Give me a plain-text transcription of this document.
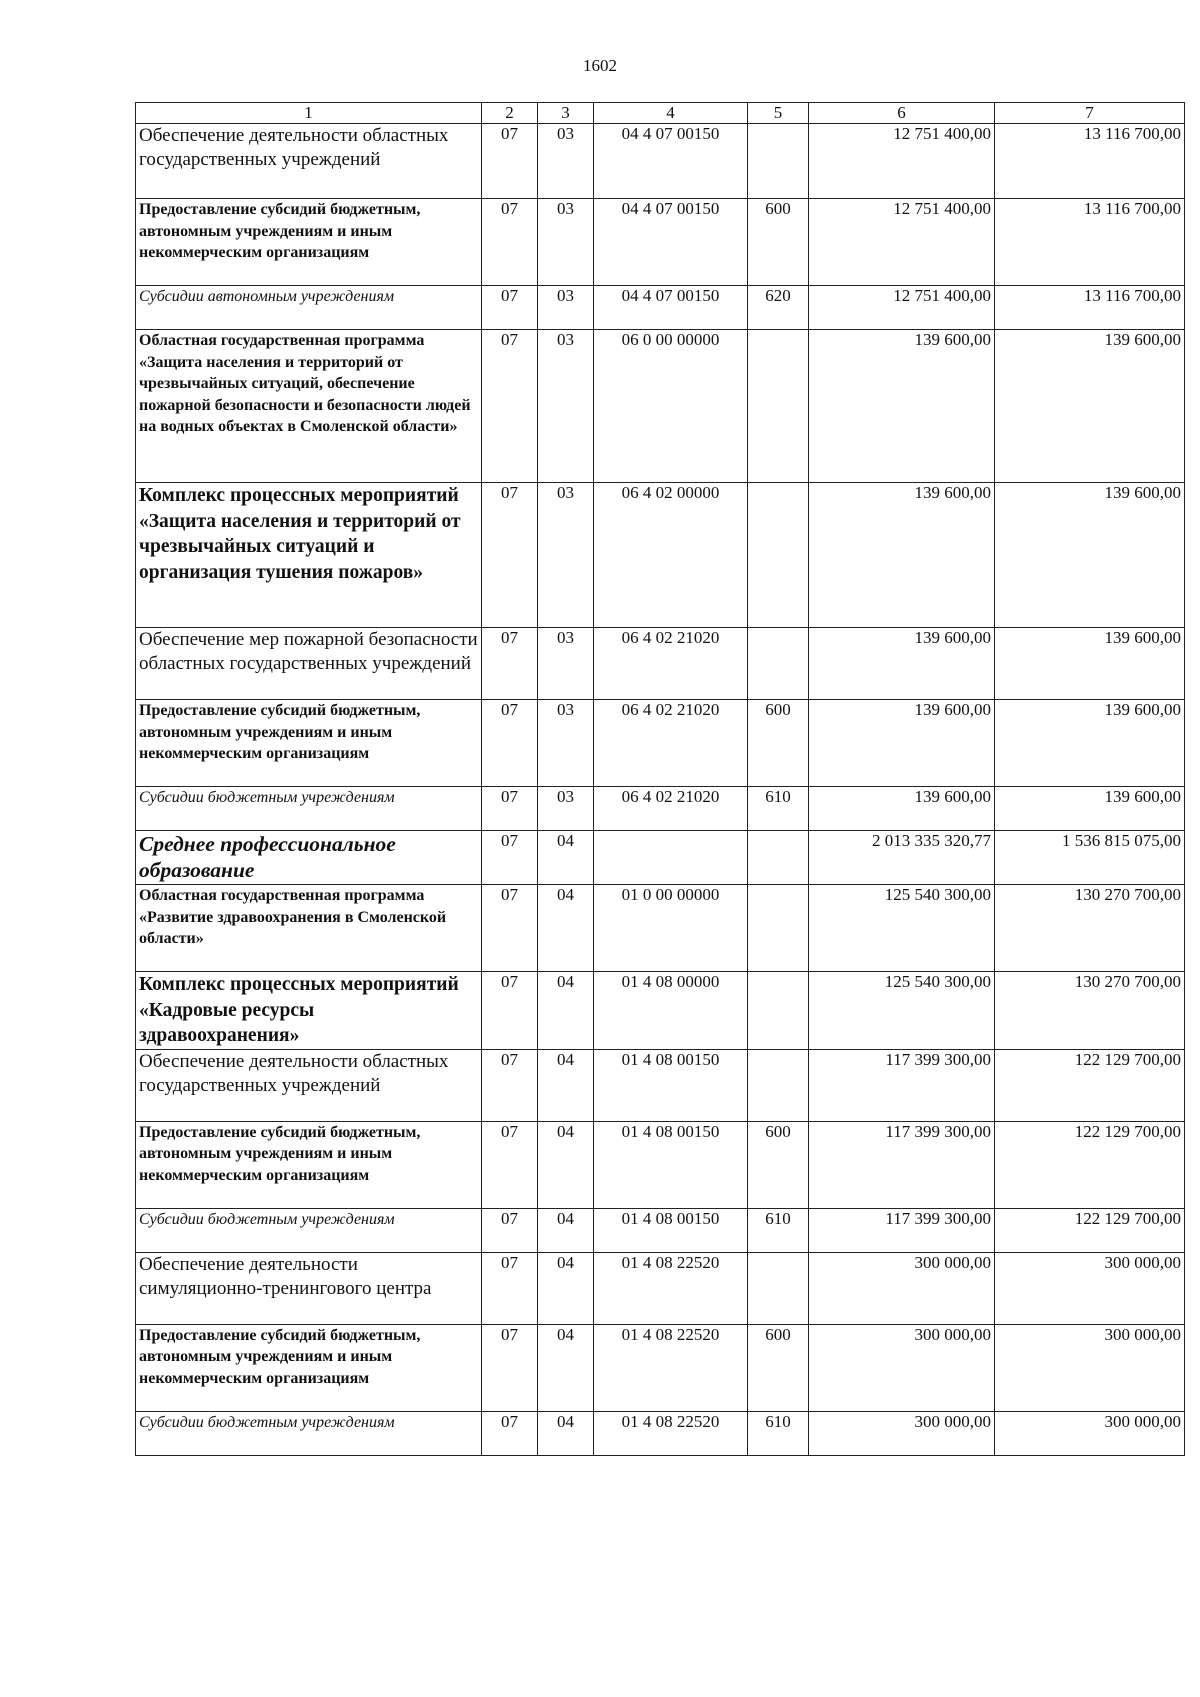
1602
1	2	3	4	5	6	7
Обеспечение деятельности областных государственных учреждений	07	03	04 4 07 00150		12 751 400,00	13 116 700,00
Предоставление субсидий бюджетным, автономным учреждениям и иным некоммерческим организациям	07	03	04 4 07 00150	600	12 751 400,00	13 116 700,00
Субсидии автономным учреждениям	07	03	04 4 07 00150	620	12 751 400,00	13 116 700,00
Областная государственная программа «Защита населения и территорий от чрезвычайных ситуаций, обеспечение пожарной безопасности и безопасности людей на водных объектах в Смоленской области»	07	03	06 0 00 00000		139 600,00	139 600,00
Комплекс процессных мероприятий «Защита населения и территорий от чрезвычайных ситуаций и организация тушения пожаров»	07	03	06 4 02 00000		139 600,00	139 600,00
Обеспечение мер пожарной безопасности областных государственных учреждений	07	03	06 4 02 21020		139 600,00	139 600,00
Предоставление субсидий бюджетным, автономным учреждениям и иным некоммерческим организациям	07	03	06 4 02 21020	600	139 600,00	139 600,00
Субсидии бюджетным учреждениям	07	03	06 4 02 21020	610	139 600,00	139 600,00
Среднее профессиональное образование	07	04			2 013 335 320,77	1 536 815 075,00
Областная государственная программа «Развитие здравоохранения в Смоленской области»	07	04	01 0 00 00000		125 540 300,00	130 270 700,00
Комплекс процессных мероприятий «Кадровые ресурсы здравоохранения»	07	04	01 4 08 00000		125 540 300,00	130 270 700,00
Обеспечение деятельности областных государственных учреждений	07	04	01 4 08 00150		117 399 300,00	122 129 700,00
Предоставление субсидий бюджетным, автономным учреждениям и иным некоммерческим организациям	07	04	01 4 08 00150	600	117 399 300,00	122 129 700,00
Субсидии бюджетным учреждениям	07	04	01 4 08 00150	610	117 399 300,00	122 129 700,00
Обеспечение деятельности симуляционно-тренингового центра	07	04	01 4 08 22520		300 000,00	300 000,00
Предоставление субсидий бюджетным, автономным учреждениям и иным некоммерческим организациям	07	04	01 4 08 22520	600	300 000,00	300 000,00
Субсидии бюджетным учреждениям	07	04	01 4 08 22520	610	300 000,00	300 000,00
